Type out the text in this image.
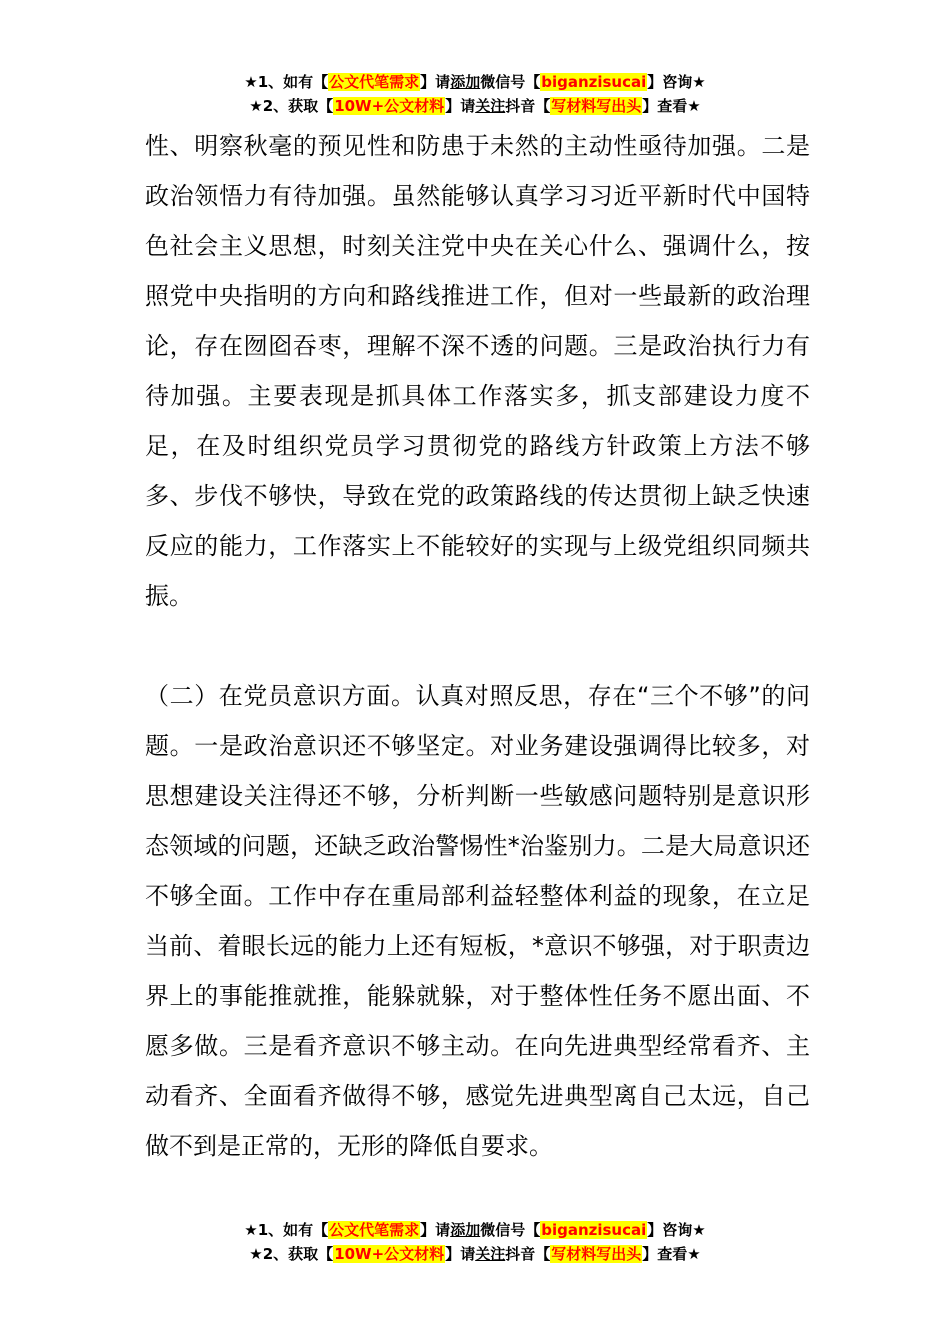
★1、如有【公文代笔需求】请添加微信号【biganzisucai】咨询★
★2、获取【10W+公文材料】请关注抖音【写材料写出头】查看★

性、明察秋毫的预见性和防患于未然的主动性亟待加强。二是政治领悟力有待加强。虽然能够认真学习习近平新时代中国特色社会主义思想，时刻关注党中央在关心什么、强调什么，按照党中央指明的方向和路线推进工作，但对一些最新的政治理论，存在囫囵吞枣，理解不深不透的问题。三是政治执行力有待加强。主要表现是抓具体工作落实多，抓支部建设力度不足，在及时组织党员学习贯彻党的路线方针政策上方法不够多、步伐不够快，导致在党的政策路线的传达贯彻上缺乏快速反应的能力，工作落实上不能较好的实现与上级党组织同频共振。

（二）在党员意识方面。认真对照反思，存在“三个不够”的问题。一是政治意识还不够坚定。对业务建设强调得比较多，对思想建设关注得还不够，分析判断一些敏感问题特别是意识形态领域的问题，还缺乏政治警惕性*治鉴别力。二是大局意识还不够全面。工作中存在重局部利益轻整体利益的现象，在立足当前、着眼长远的能力上还有短板，*意识不够强，对于职责边界上的事能推就推，能躲就躲，对于整体性任务不愿出面、不愿多做。三是看齐意识不够主动。在向先进典型经常看齐、主动看齐、全面看齐做得不够，感觉先进典型离自己太远，自己做不到是正常的，无形的降低自要求。

★1、如有【公文代笔需求】请添加微信号【biganzisucai】咨询★
★2、获取【10W+公文材料】请关注抖音【写材料写出头】查看★
